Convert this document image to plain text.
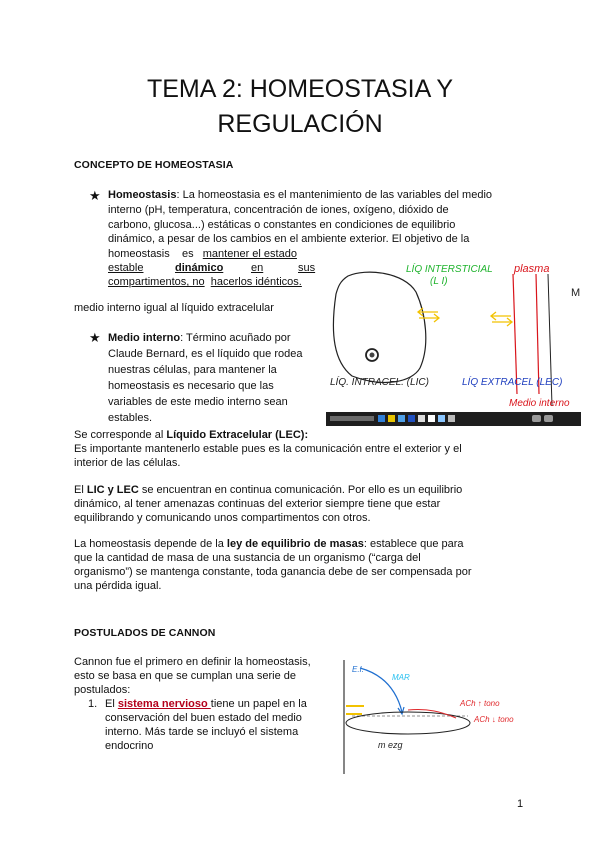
TEMA 2: HOMEOSTASIA Y
REGULACIÓN
CONCEPTO DE HOMEOSTASIA
★ Homeostasis: La homeostasia es el mantenimiento de las variables del medio
interno (pH, temperatura, concentración de iones, oxígeno, dióxido de
carbono, glucosa...) estáticas o constantes en condiciones de equilibrio
dinámico, a pesar de los cambios en el ambiente exterior. El objetivo de la
homeostasis    es   mantener el estado
estable	dinámico	en	sus
compartimentos, no hacerlos idénticos.
medio interno igual al líquido extracelular
★ Medio interno: Término acuñado por
Claude Bernard, es el líquido que rodea
nuestras células, para mantener la
homeostasis es necesario que las
variables de este medio interno sean
estables.
LÍQ INTERSTICIAL
(L I)
LÍQ EXTRACEL (LEC)
plasma
LÍQ. INTRACEL. (LIC)
Medio interno
M
Se corresponde al Líquido Extracelular (LEC):
Es importante mantenerlo estable pues es la comunicación entre el exterior y el
interior de las células.
El LIC y LEC se encuentran en continua comunicación. Por ello es un equilibrio
dinámico, al tener amenazas continuas del exterior siempre tiene que estar
equilibrando y comunicando unos compartimentos con otros.
La homeostasis depende de la ley de equilibrio de masas: establece que para
que la cantidad de masa de una sustancia de un organismo (“carga del
organismo”) se mantenga constante, toda ganancia debe de ser compensada por
una pérdida igual.
POSTULADOS DE CANNON
Cannon fue el primero en definir la homeostasis,
esto se basa en que se cumplan una serie de
postulados:
1. El sistema nervioso tiene un papel en la
conservación del buen estado del medio
interno. Más tarde se incluyó el sistema
endocrino
E.I.
MAR
ACh ↑ tono
ACh ↓ tono
m ezg
1
